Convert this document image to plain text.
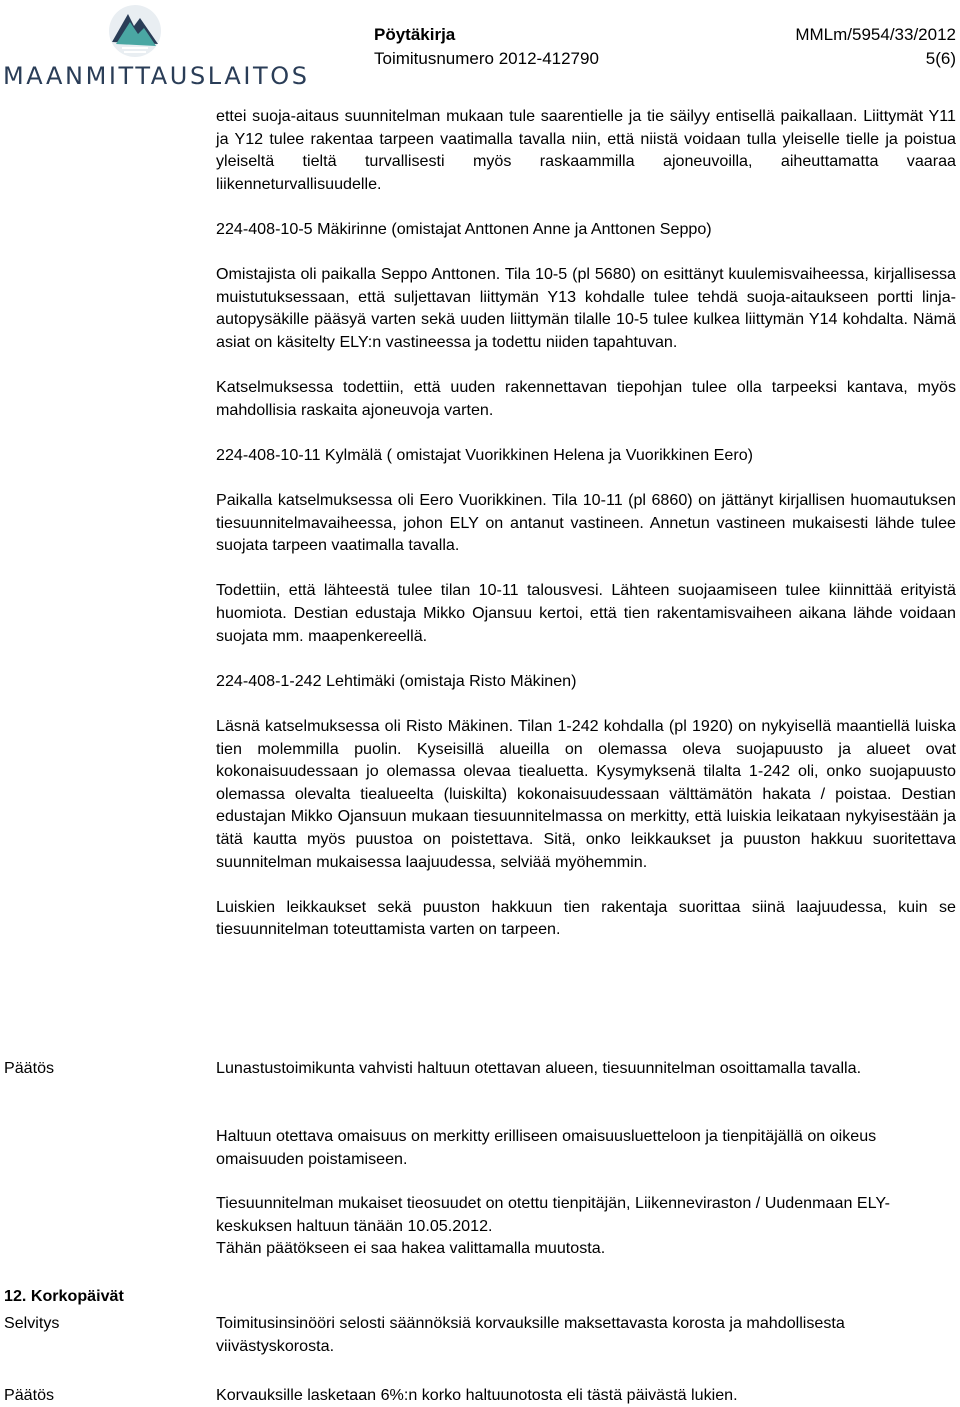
MAANMITTAUSLAITOS
Pöytäkirja	MMLm/5954/33/2012
Toimitusnumero 2012-412790	5(6)

ettei suoja-aitaus suunnitelman mukaan tule saarentielle ja tie säilyy entisellä paikallaan. Liittymät Y11 ja Y12 tulee rakentaa tarpeen vaatimalla tavalla niin, että niistä voidaan tulla yleiselle tielle ja poistua yleiseltä tieltä turvallisesti myös raskaammilla ajoneuvoilla, aiheuttamatta vaaraa liikenneturvallisuudelle.

224-408-10-5 Mäkirinne (omistajat Anttonen Anne ja Anttonen Seppo)

Omistajista oli paikalla Seppo Anttonen. Tila 10-5 (pl 5680) on esittänyt kuulemisvaiheessa, kirjallisessa muistutuksessaan, että suljettavan liittymän Y13 kohdalle tulee tehdä suoja-aitaukseen portti linja-autopysäkille pääsyä varten sekä uuden liittymän tilalle 10-5 tulee kulkea liittymän Y14 kohdalta. Nämä asiat on käsitelty ELY:n vastineessa ja todettu niiden tapahtuvan.

Katselmuksessa todettiin, että uuden rakennettavan tiepohjan tulee olla tarpeeksi kantava, myös mahdollisia raskaita ajoneuvoja varten.

224-408-10-11 Kylmälä ( omistajat Vuorikkinen Helena ja Vuorikkinen Eero)

Paikalla katselmuksessa oli Eero Vuorikkinen. Tila 10-11 (pl 6860) on jättänyt kirjallisen huomautuksen tiesuunnitelmavaiheessa, johon ELY on antanut vastineen. Annetun vastineen mukaisesti lähde tulee suojata tarpeen vaatimalla tavalla.

Todettiin, että lähteestä tulee tilan 10-11 talousvesi. Lähteen suojaamiseen tulee kiinnittää erityistä huomiota. Destian edustaja Mikko Ojansuu kertoi, että tien rakentamisvaiheen aikana lähde voidaan suojata mm. maapenkereellä.

224-408-1-242 Lehtimäki (omistaja Risto Mäkinen)

Läsnä katselmuksessa oli Risto Mäkinen. Tilan 1-242 kohdalla (pl 1920) on nykyisellä maantiellä luiska tien molemmilla puolin. Kyseisillä alueilla on olemassa oleva suojapuusto ja alueet ovat kokonaisuudessaan jo olemassa olevaa tiealuetta. Kysymyksenä tilalta 1-242 oli, onko suojapuusto olemassa olevalta tiealueelta (luiskilta) kokonaisuudessaan välttämätön hakata / poistaa. Destian edustajan Mikko Ojansuun mukaan tiesuunnitelmassa on merkitty, että luiskia leikataan nykyisestään ja tätä kautta myös puustoa on poistettava. Sitä, onko leikkaukset ja puuston hakkuu suoritettava suunnitelman mukaisessa laajuudessa, selviää myöhemmin.

Luiskien leikkaukset sekä puuston hakkuun tien rakentaja suorittaa siinä laajuudessa, kuin se tiesuunnitelman toteuttamista varten on tarpeen.

Päätös	Lunastustoimikunta vahvisti haltuun otettavan alueen, tiesuunnitelman osoittamalla tavalla.

Haltuun otettava omaisuus on merkitty erilliseen omaisuusluetteloon ja tienpitäjällä on oikeus omaisuuden poistamiseen.

Tiesuunnitelman mukaiset tieosuudet on otettu tienpitäjän, Liikenneviraston / Uudenmaan ELY-keskuksen haltuun tänään 10.05.2012.

Tähän päätökseen ei saa hakea valittamalla muutosta.

12. Korkopäivät
Selvitys	Toimitusinsinööri selosti säännöksiä korvauksille maksettavasta korosta ja mahdollisesta viivästyskorosta.

Päätös	Korvauksille lasketaan 6%:n korko haltuunotosta eli tästä päivästä lukien.
